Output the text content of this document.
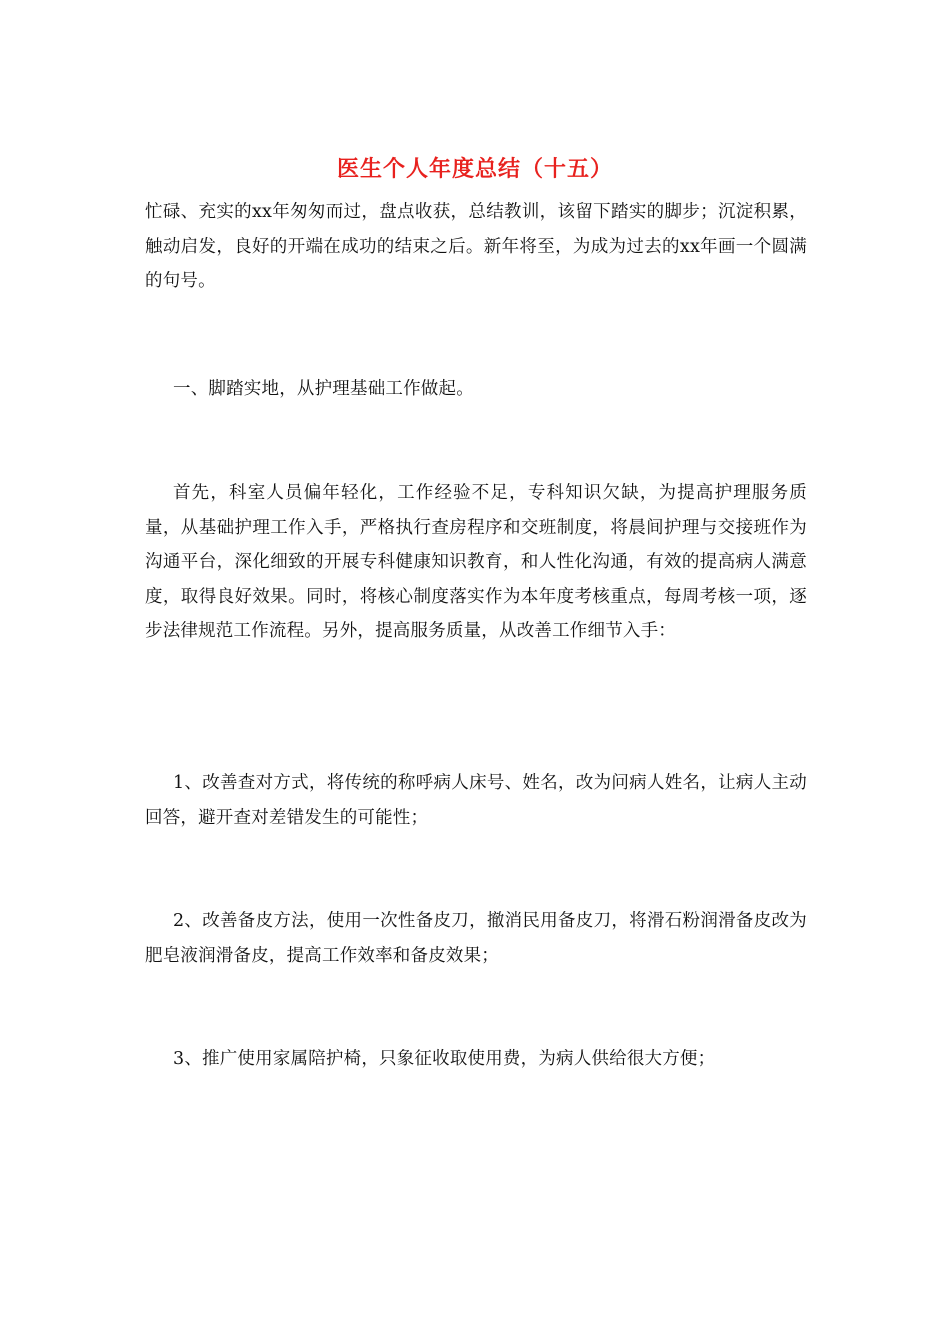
医生个人年度总结（十五）

忙碌、充实的xx年匆匆而过，盘点收获，总结教训，该留下踏实的脚步；沉淀积累，触动启发，良好的开端在成功的结束之后。新年将至，为成为过去的xx年画一个圆满的句号。

一、脚踏实地，从护理基础工作做起。

首先，科室人员偏年轻化，工作经验不足，专科知识欠缺，为提高护理服务质量，从基础护理工作入手，严格执行查房程序和交班制度，将晨间护理与交接班作为沟通平台，深化细致的开展专科健康知识教育，和人性化沟通，有效的提高病人满意度，取得良好效果。同时，将核心制度落实作为本年度考核重点，每周考核一项，逐步法律规范工作流程。另外，提高服务质量，从改善工作细节入手：

1、改善查对方式，将传统的称呼病人床号、姓名，改为问病人姓名，让病人主动回答，避开查对差错发生的可能性；

2、改善备皮方法，使用一次性备皮刀，撤消民用备皮刀，将滑石粉润滑备皮改为肥皂液润滑备皮，提高工作效率和备皮效果；

3、推广使用家属陪护椅，只象征收取使用费，为病人供给很大方便；
